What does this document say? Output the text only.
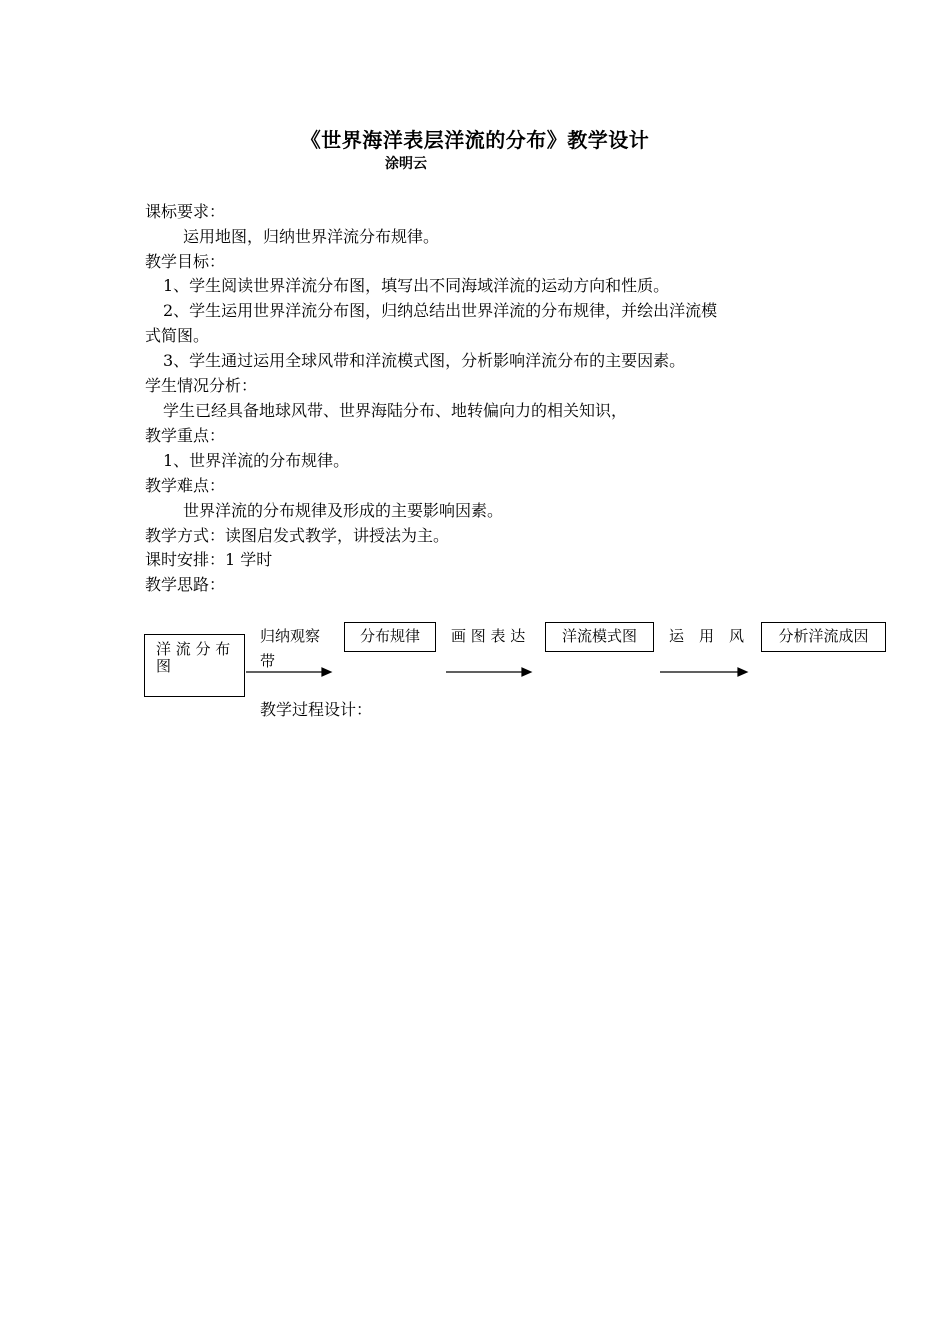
《世界海洋表层洋流的分布》教学设计
涂明云
课标要求：
运用地图，归纳世界洋流分布规律。
教学目标：
1、学生阅读世界洋流分布图，填写出不同海域洋流的运动方向和性质。
2、学生运用世界洋流分布图，归纳总结出世界洋流的分布规律，并绘出洋流模
式简图。
3、学生通过运用全球风带和洋流模式图，分析影响洋流分布的主要因素。
学生情况分析：
学生已经具备地球风带、世界海陆分布、地转偏向力的相关知识，
教学重点：
1、世界洋流的分布规律。
教学难点：
世界洋流的分布规律及形成的主要影响因素。
教学方式：读图启发式教学，讲授法为主。
课时安排：1 学时
教学思路：
洋 流 分 布
图
归纳观察
带
分布规律	画 图 表 达	洋流模式图	运　用　风	分析洋流成因
教学过程设计：
